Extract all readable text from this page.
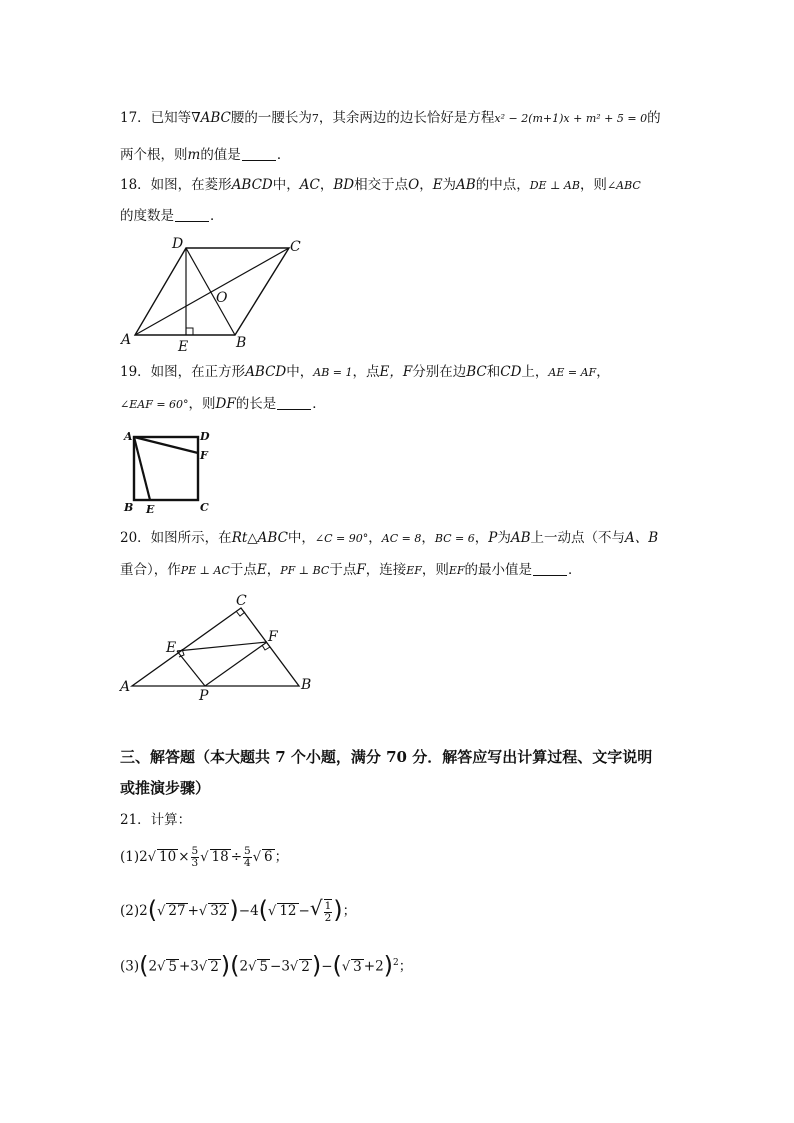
17．已知等∇ABC腰的一腰长为7，其余两边的边长恰好是方程x² − 2(m+1)x + m² + 5 = 0的
两个根，则m的值是	．
18．如图，在菱形ABCD中，AC，BD相交于点O，E为AB的中点，DE ⊥ AB，则∠ABC
的度数是	．
D	C
O
A	B
E
19．如图，在正方形ABCD中，AB = 1，点E，F分别在边BC和CD上，AE = AF，
∠EAF = 60°，则DF的长是	．
A	D
F
B E	C
20．如图所示，在Rt△ABC中，∠C = 90°，AC = 8，BC = 6，P为AB上一动点（不与A、B
重合），作PE ⊥ AC于点E，PF ⊥ BC于点F，连接EF，则EF的最小值是	．
C
E
F
A
P
B
三、解答题（本大题共 7 个小题，满分 70 分．解答应写出计算过程、文字说明
或推演步骤）
21．计算：
(1)2√ $10 \times \frac{5}{3}$ √ $18 \div \frac{5}{4}$ √ 6 ；
(2)2(√ 27 +√ 32)−4(√ 12 −√ $\frac{1}{2}$ )；
(3)(2√ 5 +3√ 2)(2√ 5 −3√ 2)−(√ 3 +2)$^2$；
